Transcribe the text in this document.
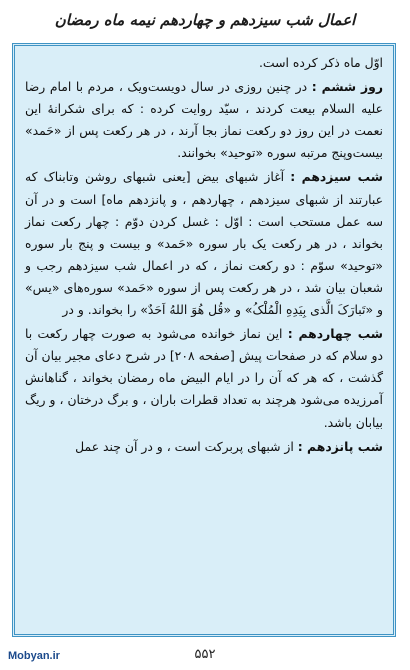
اعمال شب سیزدهم و چهاردهم نیمه ماه رمضان

اوّل ماه ذکر کرده است.

روز ششم : در چنین روزی در سال دویست‌ویک ، مردم با امام رضا علیه السلام بیعت کردند ، سیّد روایت کرده : که برای شکرانهٔ این نعمت در این روز دو رکعت نماز بجا آرند ، در هر رکعت پس از «حَمد» بیست‌وپنج مرتبه سوره «توحید» بخوانند.

شب سیزدهم : آغاز شبهای بیض [یعنی شبهای روشن وتابناک که عبارتند از شبهای سیزدهم ، چهاردهم ، و پانزدهم ماه] است و در آن سه عمل مستحب است : اوّل : غسل کردن دوّم : چهار رکعت نماز بخواند ، در هر رکعت یک بار سوره «حَمد» و بیست و پنج بار سوره «توحید» سوّم : دو رکعت نماز ، که در اعمال شب سیزدهم رجب و شعبان بیان شد ، در هر رکعت پس از سوره «حَمد» سوره‌های «یس» و «تَبارَکَ الَّذی بِیَدِهِ الْمُلْکُ» و «قُل هُوَ اللهُ اَحَدٌ» را بخواند. و در

شب چهاردهم : این نماز خوانده می‌شود به صورت چهار رکعت با دو سلام که در صفحات پیش [صفحه ۲۰۸] در شرح دعای مجیر بیان آن گذشت ، که هر که آن را در ایام البیض ماه رمضان بخواند ، گناهانش آمرزیده می‌شود هرچند به تعداد قطرات باران ، و برگ درختان ، و ریگ بیابان باشد.

شب پانزدهم : از شبهای پربرکت است ، و در آن چند عمل

Mobyan.ir	۵۵۲
